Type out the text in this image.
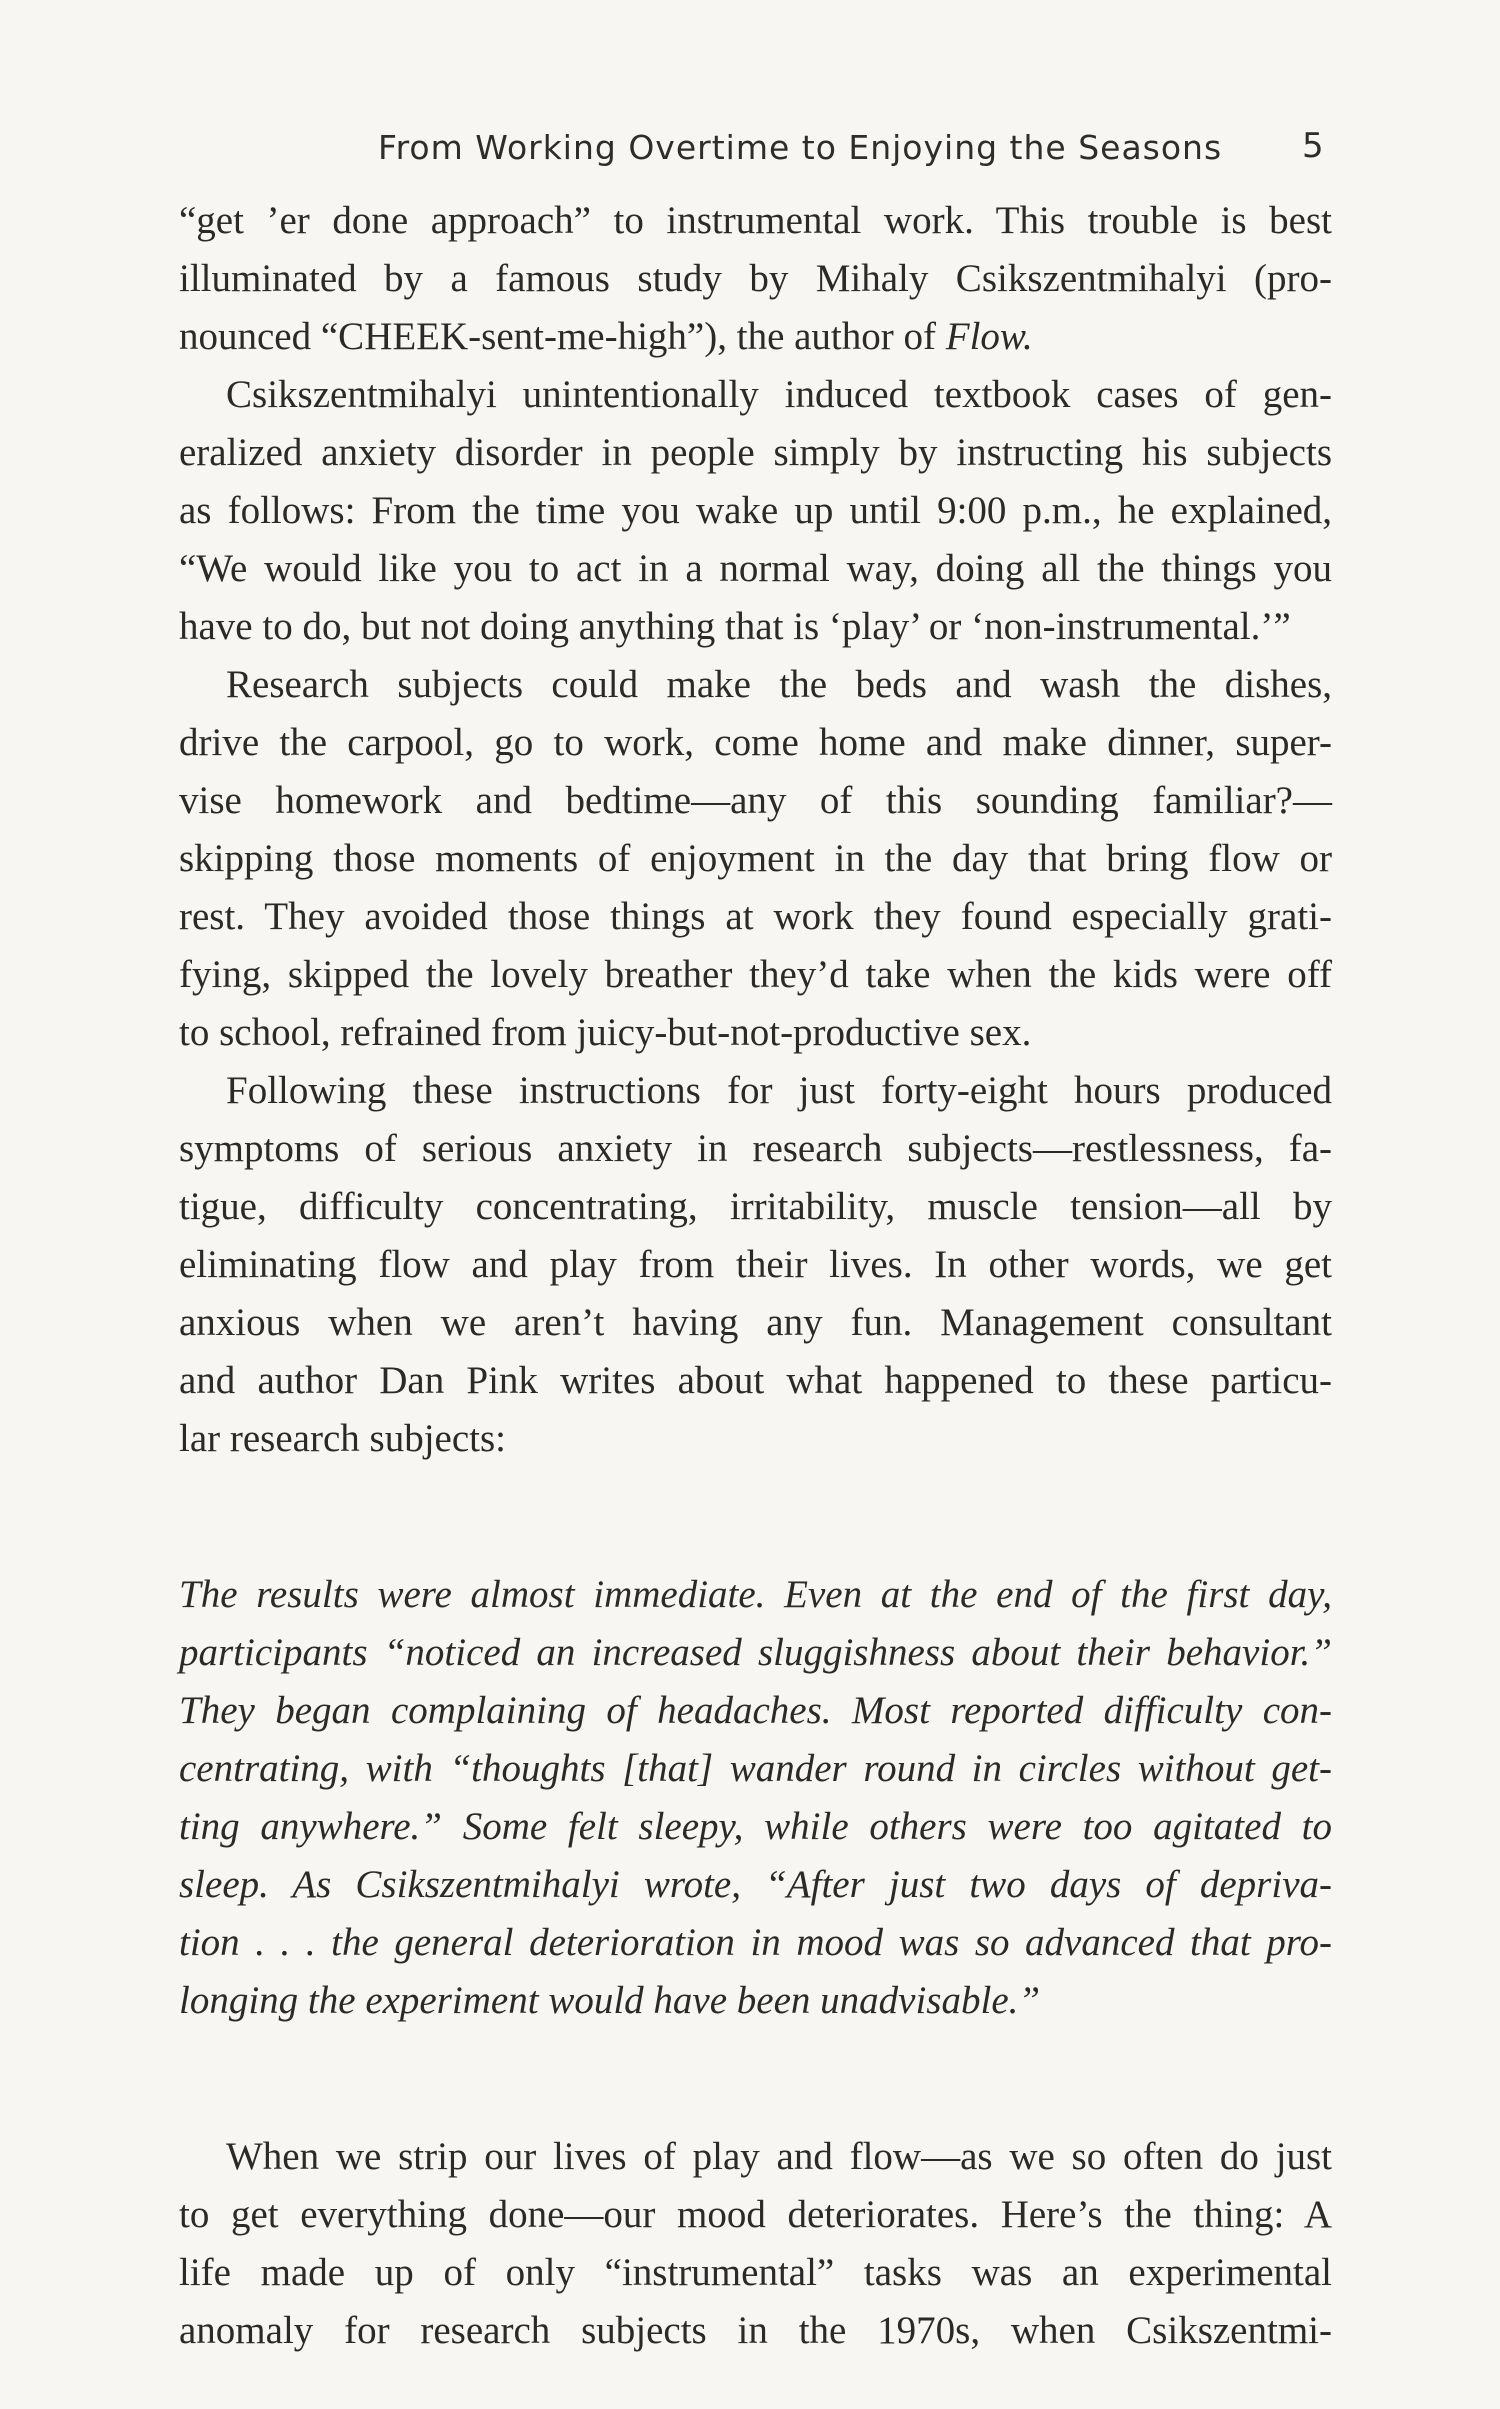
From Working Overtime to Enjoying the Seasons 5
“get ’er done approach” to instrumental work. This trouble is best
illuminated by a famous study by Mihaly Csikszentmihalyi (pro-
nounced “CHEEK-sent-me-high”), the author of Flow.
Csikszentmihalyi unintentionally induced textbook cases of gen-
eralized anxiety disorder in people simply by instructing his subjects
as follows: From the time you wake up until 9:00 p.m., he explained,
“We would like you to act in a normal way, doing all the things you
have to do, but not doing anything that is ‘play’ or ‘non-instrumental.’”
Research subjects could make the beds and wash the dishes,
drive the carpool, go to work, come home and make dinner, super-
vise homework and bedtime—any of this sounding familiar?—
skipping those moments of enjoyment in the day that bring flow or
rest. They avoided those things at work they found especially grati-
fying, skipped the lovely breather they’d take when the kids were off
to school, refrained from juicy-but-not-productive sex.
Following these instructions for just forty-eight hours produced
symptoms of serious anxiety in research subjects—restlessness, fa-
tigue, difficulty concentrating, irritability, muscle tension—all by
eliminating flow and play from their lives. In other words, we get
anxious when we aren’t having any fun. Management consultant
and author Dan Pink writes about what happened to these particu-
lar research subjects:
The results were almost immediate. Even at the end of the first day,
participants “noticed an increased sluggishness about their behavior.”
They began complaining of headaches. Most reported difficulty con-
centrating, with “thoughts [that] wander round in circles without get-
ting anywhere.” Some felt sleepy, while others were too agitated to
sleep. As Csikszentmihalyi wrote, “After just two days of depriva-
tion . . . the general deterioration in mood was so advanced that pro-
longing the experiment would have been unadvisable.”
When we strip our lives of play and flow—as we so often do just
to get everything done—our mood deteriorates. Here’s the thing: A
life made up of only “instrumental” tasks was an experimental
anomaly for research subjects in the 1970s, when Csikszentmi-
